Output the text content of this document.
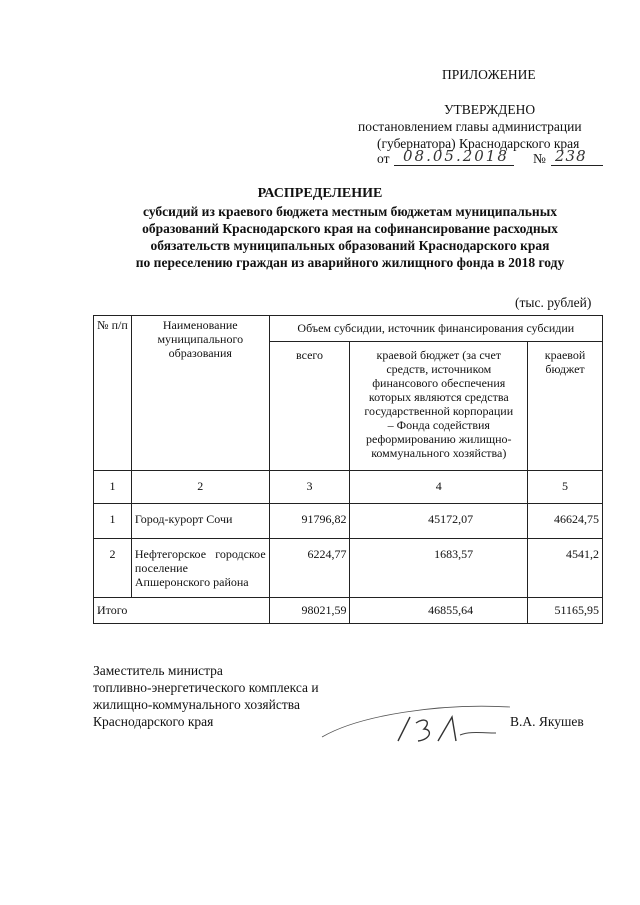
ПРИЛОЖЕНИЕ
УТВЕРЖДЕНО
постановлением главы администрации
(губернатора) Краснодарского края
от 08.05.2018 № 238
РАСПРЕДЕЛЕНИЕ
субсидий из краевого бюджета местным бюджетам муниципальных
образований Краснодарского края на софинансирование расходных
обязательств муниципальных образований Краснодарского края
по переселению граждан из аварийного жилищного фонда в 2018 году
(тыс. рублей)
№ п/п	Наименование муниципального образования	Объем субсидии, источник финансирования субсидии		
		всего	краевой бюджет (за счет средств, источником финансового обеспечения которых являются средства государственной корпорации – Фонда содействия реформированию жилищно-коммунального хозяйства)	краевой бюджет
1	2	3	4	5
1	Город-курорт Сочи	91796,82	45172,07	46624,75
2	Нефтегорское городское поселение Апшеронского района	6224,77	1683,57	4541,2
Итого		98021,59	46855,64	51165,95
Заместитель министра
топливно-энергетического комплекса и
жилищно-коммунального хозяйства
Краснодарского края	В.А. Якушев
